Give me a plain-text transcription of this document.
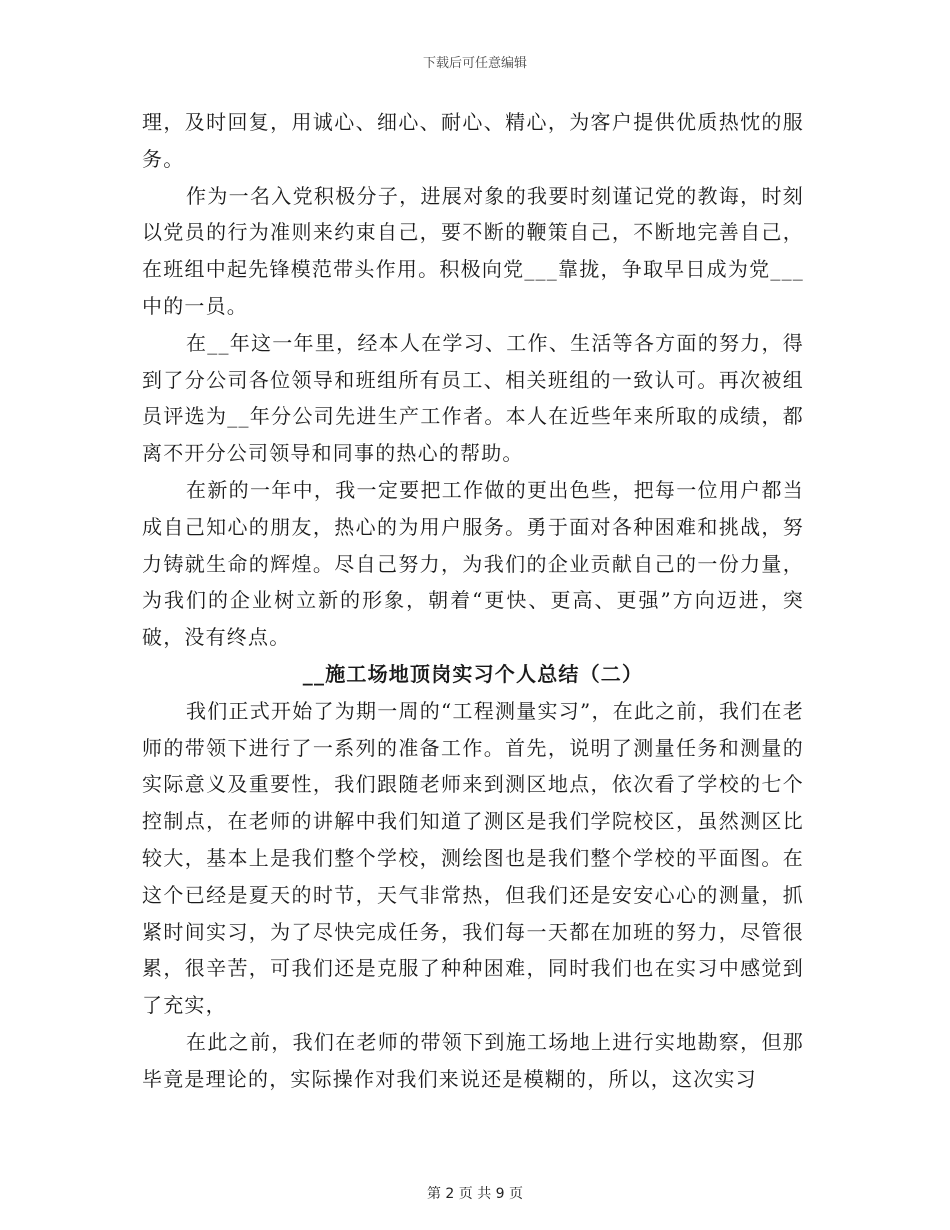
下载后可任意编辑

理，及时回复，用诚心、细心、耐心、精心，为客户提供优质热忱的服务。

作为一名入党积极分子，进展对象的我要时刻谨记党的教诲，时刻以党员的行为准则来约束自己，要不断的鞭策自己，不断地完善自己，在班组中起先锋模范带头作用。积极向党___靠拢，争取早日成为党___中的一员。

在__年这一年里，经本人在学习、工作、生活等各方面的努力，得到了分公司各位领导和班组所有员工、相关班组的一致认可。再次被组员评选为__年分公司先进生产工作者。本人在近些年来所取的成绩，都离不开分公司领导和同事的热心的帮助。

在新的一年中，我一定要把工作做的更出色些，把每一位用户都当成自己知心的朋友，热心的为用户服务。勇于面对各种困难和挑战，努力铸就生命的辉煌。尽自己努力，为我们的企业贡献自己的一份力量，为我们的企业树立新的形象，朝着“更快、更高、更强”方向迈进，突破，没有终点。

__施工场地顶岗实习个人总结（二）

我们正式开始了为期一周的“工程测量实习”，在此之前，我们在老师的带领下进行了一系列的准备工作。首先，说明了测量任务和测量的实际意义及重要性，我们跟随老师来到测区地点，依次看了学校的七个控制点，在老师的讲解中我们知道了测区是我们学院校区，虽然测区比较大，基本上是我们整个学校，测绘图也是我们整个学校的平面图。在这个已经是夏天的时节，天气非常热，但我们还是安安心心的测量，抓紧时间实习，为了尽快完成任务，我们每一天都在加班的努力，尽管很累，很辛苦，可我们还是克服了种种困难，同时我们也在实习中感觉到了充实，

在此之前，我们在老师的带领下到施工场地上进行实地勘察，但那毕竟是理论的，实际操作对我们来说还是模糊的，所以，这次实习

第 2 页 共 9 页
